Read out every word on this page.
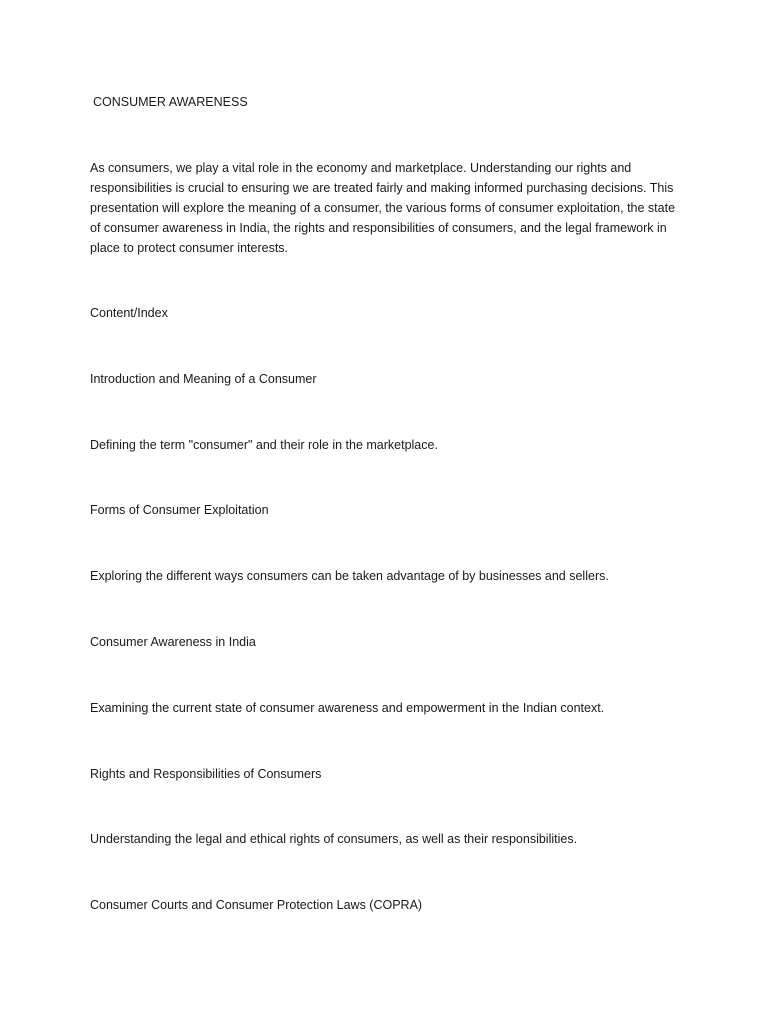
CONSUMER AWARENESS
As consumers, we play a vital role in the economy and marketplace. Understanding our rights and responsibilities is crucial to ensuring we are treated fairly and making informed purchasing decisions. This presentation will explore the meaning of a consumer, the various forms of consumer exploitation, the state of consumer awareness in India, the rights and responsibilities of consumers, and the legal framework in place to protect consumer interests.
Content/Index
Introduction and Meaning of a Consumer
Defining the term "consumer" and their role in the marketplace.
Forms of Consumer Exploitation
Exploring the different ways consumers can be taken advantage of by businesses and sellers.
Consumer Awareness in India
Examining the current state of consumer awareness and empowerment in the Indian context.
Rights and Responsibilities of Consumers
Understanding the legal and ethical rights of consumers, as well as their responsibilities.
Consumer Courts and Consumer Protection Laws (COPRA)
